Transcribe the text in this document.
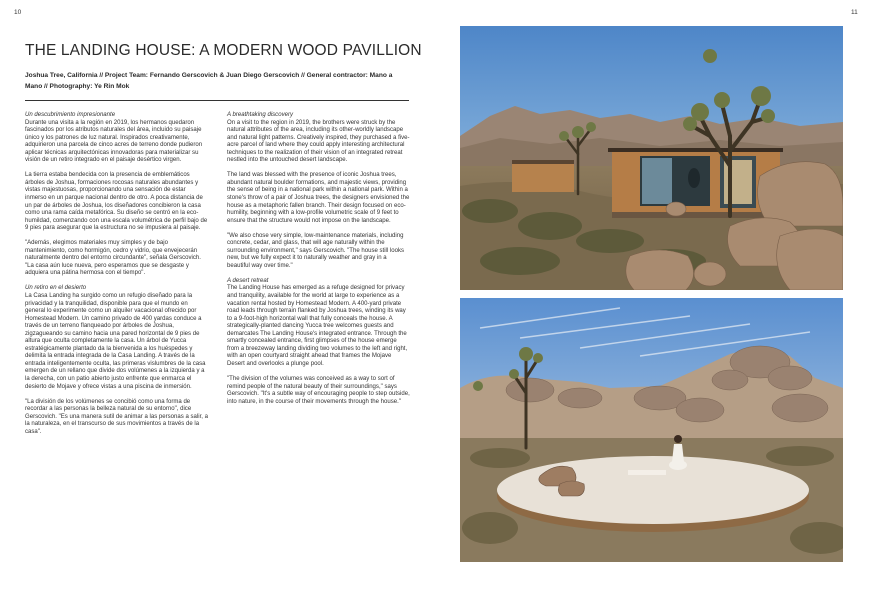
10	11
THE LANDING HOUSE: A MODERN WOOD PAVILLION

Joshua Tree, California // Project Team: Fernando Gerscovich & Juan Diego Gerscovich // General contractor: Mano a Mano // Photography: Ye Rin Mok

Un descubrimiento impresionante

Durante una visita a la región en 2019, los hermanos quedaron fascinados por los atributos naturales del área, incluido su paisaje único y los patrones de luz natural. Inspirados creativamente, adquirieron una parcela de cinco acres de terreno donde pudieron aplicar técnicas arquitectónicas innovadoras para materializar su visión de un retiro integrado en el paisaje desértico virgen.

La tierra estaba bendecida con la presencia de emblemáticos árboles de Joshua, formaciones rocosas naturales abundantes y vistas majestuosas, proporcionando una sensación de estar inmerso en un parque nacional dentro de otro. A poca distancia de un par de árboles de Joshua, los diseñadores concibieron la casa como una rama caída metafórica. Su diseño se centró en la eco-humildad, comenzando con una escala volumétrica de perfil bajo de 9 pies para asegurar que la estructura no se impusiera al paisaje.

"Además, elegimos materiales muy simples y de bajo mantenimiento, como hormigón, cedro y vidrio, que envejecerán naturalmente dentro del entorno circundante", señala Gerscovich. "La casa aún luce nueva, pero esperamos que se desgaste y adquiera una pátina hermosa con el tiempo".

Un retiro en el desierto

La Casa Landing ha surgido como un refugio diseñado para la privacidad y la tranquilidad, disponible para que el mundo en general lo experimente como un alquiler vacacional ofrecido por Homestead Modern. Un camino privado de 400 yardas conduce a través de un terreno flanqueado por árboles de Joshua, zigzagueando su camino hacia una pared horizontal de 9 pies de altura que oculta completamente la casa. Un árbol de Yucca estratégicamente plantado da la bienvenida a los huéspedes y delimita la entrada integrada de la Casa Landing. A través de la entrada inteligentemente oculta, las primeras vislumbres de la casa emergen de un rellano que divide dos volúmenes a la izquierda y a la derecha, con un patio abierto justo enfrente que enmarca el desierto de Mojave y ofrece vistas a una piscina de inmersión.

"La división de los volúmenes se concibió como una forma de recordar a las personas la belleza natural de su entorno", dice Gerscovich. "Es una manera sutil de animar a las personas a salir, a la naturaleza, en el transcurso de sus movimientos a través de la casa".

A breathtaking discovery

On a visit to the region in 2019, the brothers were struck by the natural attributes of the area, including its other-worldly landscape and natural light patterns. Creatively inspired, they purchased a five-acre parcel of land where they could apply interesting architectural techniques to the realization of their vision of an integrated retreat nestled into the untouched desert landscape.

The land was blessed with the presence of iconic Joshua trees, abundant natural boulder formations, and majestic views, providing the sense of being in a national park within a national park. Within a stone's throw of a pair of Joshua trees, the designers envisioned the house as a metaphoric fallen branch. Their design focused on eco-humility, beginning with a low-profile volumetric scale of 9 feet to ensure that the structure would not impose on the landscape.

"We also chose very simple, low-maintenance materials, including concrete, cedar, and glass, that will age naturally within the surrounding environment," says Gerscovich. "The house still looks new, but we fully expect it to naturally weather and gray in a beautiful way over time."

A desert retreat

The Landing House has emerged as a refuge designed for privacy and tranquility, available for the world at large to experience as a vacation rental hosted by Homestead Modern. A 400-yard private road leads through terrain flanked by Joshua trees, winding its way to a 9-foot-high horizontal wall that fully conceals the house. A strategically-planted dancing Yucca tree welcomes guests and demarcates The Landing House's integrated entrance. Through the smartly concealed entrance, first glimpses of the house emerge from a breezeway landing dividing two volumes to the left and right, with an open courtyard straight ahead that frames the Mojave Desert and overlooks a plunge pool.

"The division of the volumes was conceived as a way to sort of remind people of the natural beauty of their surroundings," says Gerscovich. "It's a subtle way of encouraging people to step outside, into nature, in the course of their movements through the house."
